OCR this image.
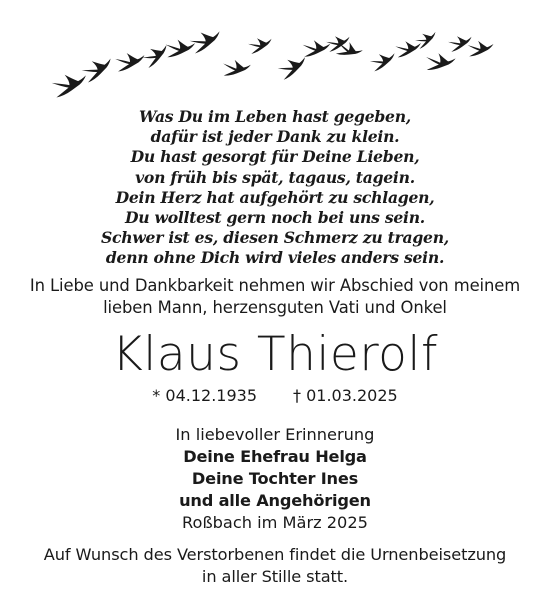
Was Du im Leben hast gegeben,
dafür ist jeder Dank zu klein.
Du hast gesorgt für Deine Lieben,
von früh bis spät, tagaus, tagein.
Dein Herz hat aufgehört zu schlagen,
Du wolltest gern noch bei uns sein.
Schwer ist es, diesen Schmerz zu tragen,
denn ohne Dich wird vieles anders sein.
In Liebe und Dankbarkeit nehmen wir Abschied von meinem
lieben Mann, herzensguten Vati und Onkel
Klaus Thierolf
* 04.12.1935 † 01.03.2025
In liebevoller Erinnerung
Deine Ehefrau Helga
Deine Tochter Ines
und alle Angehörigen
Roßbach im März 2025
Auf Wunsch des Verstorbenen findet die Urnenbeisetzung
in aller Stille statt.
